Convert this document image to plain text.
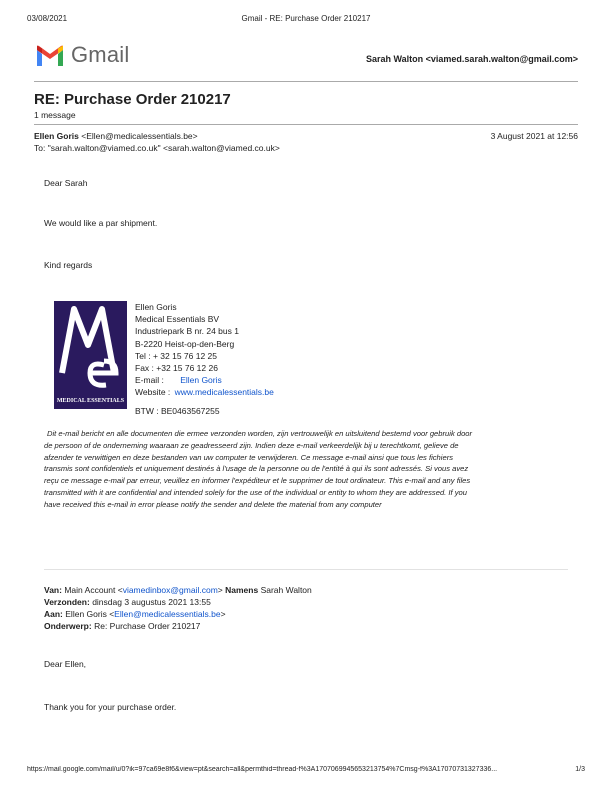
03/08/2021	Gmail - RE: Purchase Order 210217
Gmail	Sarah Walton <viamed.sarah.walton@gmail.com>
RE: Purchase Order 210217
1 message
Ellen Goris <Ellen@medicalessentials.be>	3 August 2021 at 12:56
To: "sarah.walton@viamed.co.uk" <sarah.walton@viamed.co.uk>
Dear Sarah
We would like a par shipment.
Kind regards
MEDICAL ESSENTIALS
Ellen Goris
Medical Essentials BV
Industriepark B nr. 24 bus 1
B-2220 Heist-op-den-Berg
Tel : + 32 15 76 12 25
Fax : +32 15 76 12 26
E-mail : Ellen Goris
Website : www.medicalessentials.be
BTW : BE0463567255
Dit e-mail bericht en alle documenten die ermee verzonden worden, zijn vertrouwelijk en uitsluitend bestemd voor gebruik door
de persoon of de onderneming waaraan ze geadresseerd zijn. Indien deze e-mail verkeerdelijk bij u terechtkomt, gelieve de
afzender te verwittigen en deze bestanden van uw computer te verwijderen. Ce message e-mail ainsi que tous les fichiers
transmis sont confidentiels et uniquement destinés à l'usage de la personne ou de l'entité à qui ils sont adressés. Si vous avez
reçu ce message e-mail par erreur, veuillez en informer l'expéditeur et le supprimer de tout ordinateur. This e-mail and any files
transmitted with it are confidential and intended solely for the use of the individual or entity to whom they are addressed. If you
have received this e-mail in error please notify the sender and delete the material from any computer
Van: Main Account <viamedinbox@gmail.com> Namens Sarah Walton
Verzonden: dinsdag 3 augustus 2021 13:55
Aan: Ellen Goris <Ellen@medicalessentials.be>
Onderwerp: Re: Purchase Order 210217
Dear Ellen,
Thank you for your purchase order.
https://mail.google.com/mail/u/0?ik=97ca69e8f6&view=pt&search=all&permthid=thread-f%3A1707069945653213754%7Cmsg-f%3A17070731327336...	1/3
